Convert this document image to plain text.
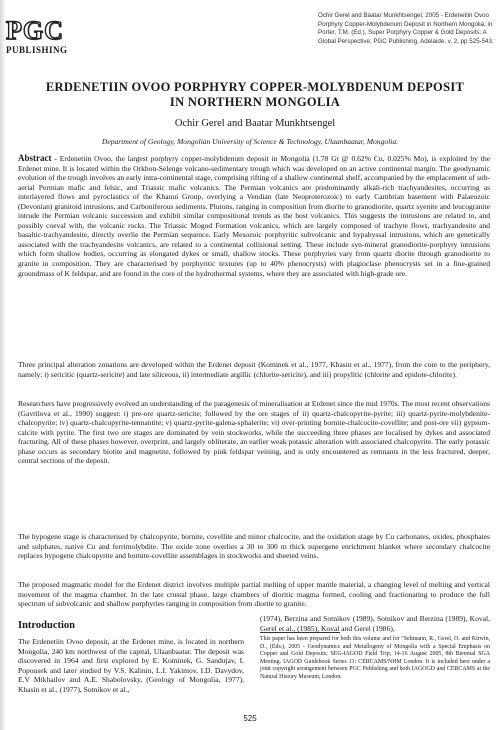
PGC
PUBLISHING
Ochir Gerel and Baatar Munkhtsengel, 2005 - Erdenetiin Ovoo Porphyry Copper-Molybdenum Deposit in Northern Mongolia; in Porter, T.M. (Ed.), Super Porphyry Copper & Gold Deposits: A Global Perspective; PGC Publishing, Adelaide, v. 2, pp 525-543.
ERDENETIIN OVOO PORPHYRY COPPER-MOLYBDENUM DEPOSIT IN NORTHERN MONGOLIA
Ochir Gerel and Baatar Munkhtsengel
Department of Geology, Mongolian University of Science & Technology, Ulaanbaatar, Mongolia.
Abstract - Erdenetiin Ovoo, the largest porphyry copper-molybdenum deposit in Mongolia (1.78 Gt @ 0.62% Cu, 0.025% Mo), is exploited by the Erdenet mine. It is located within the Orkhon-Selenge volcano-sedimentary trough which was developed on an active continental margin. The geodynamic evolution of the trough involves an early intra-continental stage, comprising rifting of a shallow continental shelf, accompanied by the emplacement of sub-aerial Permian mafic and felsic, and Triassic mafic volcanics. The Permian volcanics are predominantly alkali-rich trachyandesites, occurring as interlayered flows and pyroclastics of the Khanui Group, overlying a Vendian (late Neoproterozoic) to early Cambrian basement with Palaeozoic (Devonian) granitoid intrusions, and Carboniferous sediments. Plutons, ranging in composition from diorite to granodiorite, quartz syenite and leucogranite intrude the Permian volcanic succession and exhibit similar compositional trends as the host volcanics. This suggests the intrusions are related to, and possibly coeval with, the volcanic rocks. The Triassic Mogod Formation volcanics, which are largely composed of trachyte flows, trachyandesite and basaltic-trachyandesite, directly overlie the Permian sequence. Early Mesozoic porphyritic subvolcanic and hypabyssal intrusions, which are genetically associated with the trachyandesite volcanics, are related to a continental collisional setting. These include syn-mineral granodiorite-porphyry intrusions which form shallow bodies, occurring as elongated dykes or small, shallow stocks. These porphyries vary from quartz diorite through granodiorite to granite in composition. They are characterised by porphyritic textures (up to 40% phenocrysts) with plagioclase phenocrysts set in a fine-grained groundmass of K feldspar, and are found in the core of the hydrothermal systems, where they are associated with high-grade ore.
Three principal alteration zonations are developed within the Erdenet deposit (Kominek et al., 1977, Khasin et al., 1977), from the core to the periphery, namely: i) sericitic (quartz-sericite) and late siliceous, ii) intermediate argillic (chlorite-sericite), and iii) propylitic (chlorite and epidote-chlorite).
Researchers have progressively evolved an understanding of the paragenesis of mineralisation at Erdenet since the mid 1970s. The most recent observations (Gavrilova et al., 1990) suggest: i) pre-ore quartz-sericite; followed by the ore stages of ii) quartz-chalcopyrite-pyrite; iii) quartz-pyrite-molybdenite-chalcopyrite; iv) quartz-chalcopyrite-tennantite; v) quartz-pyrite-galena-sphalerite; vi) over-printing bornite-chalcocite-covellite; and post-ore vii) gypsum-calcite with pyrite. The first two ore stages are dominated by vein stockworks, while the succeeding three phases are localised by dykes and associated fracturing. All of these phases however, overprint, and largely obliterate, an earlier weak potassic alteration with associated chalcopyrite. The early potassic phase occurs as secondary biotite and magnetite, followed by pink feldspar veining, and is only encountered as remnants in the less fractured, deeper, central sections of the deposit.
The hypogene stage is characterised by chalcopyrite, bornite, covellite and minor chalcocite, and the oxidation stage by Cu carbonates, oxides, phosphates and sulphates, native Cu and ferrimolybdite. The oxide zone overlies a 30 to 300 m thick supergene enrichment blanket where secondary chalcocite replaces hypogene chalcopyrite and bornite-covellite assemblages in stockworks and sheeted veins.
The proposed magmatic model for the Erdenet district involves multiple partial melting of upper mantle material, a changing level of melting and vertical movement of the magma chamber. In the late crustal phase, large chambers of dioritic magma formed, cooling and fractionating to produce the full spectrum of subvolcanic and shallow porphyries ranging in composition from diorite to granite.
Introduction
The Erdenetiin Ovoo deposit, at the Erdenet mine, is located in northern Mongolia, 240 km northwest of the capital, Ulaanbaatar. The deposit was discovered in 1964 and first explored by E. Kominek, G. Sandujav, I. Popousek and later studied by V.S. Kalinin, L.I. Yakimov, I.D. Davydov, E.V Mikhailov and A.E. Shabolovsky, (Geology of Mongolia, 1977), Khasin et al., (1977), Sotnikov et al.,
(1974), Berzina and Sotnikov (1989), Sotnikov and Berzina (1989), Koval, Gerel et al., (1985), Koval and Gerel (1986),
This paper has been prepared for both this volume and for "Seltmann, R., Gerel, O. and Kirwin, D., (Eds.), 2005 - Geodynamics and Metallogeny of Mongolia with a Special Emphasis on Copper and Gold Deposits; SEG-IAGOD Field Trip, 14-16 August 2005, 8th Biennial SGA Meeting. IAGOD Guidebook Series 11: CERCAMS/NHM London. It is included here under a joint copyright arrangement between PGC Publishing and both IAGOGD and CERCAMS at the Natural History Museum, London.
525
